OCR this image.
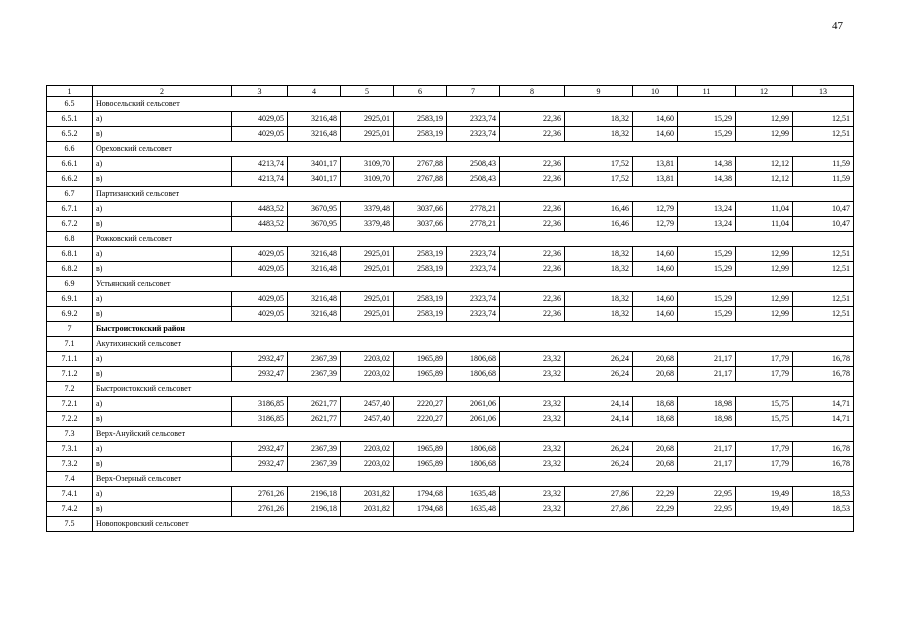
47
1	2	3	4	5	6	7	8	9	10	11	12	13
6.5	Новосельский сельсовет											
6.5.1	а)	4029,05	3216,48	2925,01	2583,19	2323,74	22,36	18,32	14,60	15,29	12,99	12,51
6.5.2	в)	4029,05	3216,48	2925,01	2583,19	2323,74	22,36	18,32	14,60	15,29	12,99	12,51
6.6	Ореховский сельсовет											
6.6.1	а)	4213,74	3401,17	3109,70	2767,88	2508,43	22,36	17,52	13,81	14,38	12,12	11,59
6.6.2	в)	4213,74	3401,17	3109,70	2767,88	2508,43	22,36	17,52	13,81	14,38	12,12	11,59
6.7	Партизанский сельсовет											
6.7.1	а)	4483,52	3670,95	3379,48	3037,66	2778,21	22,36	16,46	12,79	13,24	11,04	10,47
6.7.2	в)	4483,52	3670,95	3379,48	3037,66	2778,21	22,36	16,46	12,79	13,24	11,04	10,47
6.8	Рожковский сельсовет											
6.8.1	а)	4029,05	3216,48	2925,01	2583,19	2323,74	22,36	18,32	14,60	15,29	12,99	12,51
6.8.2	в)	4029,05	3216,48	2925,01	2583,19	2323,74	22,36	18,32	14,60	15,29	12,99	12,51
6.9	Устьянский сельсовет											
6.9.1	а)	4029,05	3216,48	2925,01	2583,19	2323,74	22,36	18,32	14,60	15,29	12,99	12,51
6.9.2	в)	4029,05	3216,48	2925,01	2583,19	2323,74	22,36	18,32	14,60	15,29	12,99	12,51
7	Быстроистокский район											
7.1	Акутихинский сельсовет											
7.1.1	а)	2932,47	2367,39	2203,02	1965,89	1806,68	23,32	26,24	20,68	21,17	17,79	16,78
7.1.2	в)	2932,47	2367,39	2203,02	1965,89	1806,68	23,32	26,24	20,68	21,17	17,79	16,78
7.2	Быстроистокский сельсовет											
7.2.1	а)	3186,85	2621,77	2457,40	2220,27	2061,06	23,32	24,14	18,68	18,98	15,75	14,71
7.2.2	в)	3186,85	2621,77	2457,40	2220,27	2061,06	23,32	24,14	18,68	18,98	15,75	14,71
7.3	Верх-Ануйский сельсовет											
7.3.1	а)	2932,47	2367,39	2203,02	1965,89	1806,68	23,32	26,24	20,68	21,17	17,79	16,78
7.3.2	в)	2932,47	2367,39	2203,02	1965,89	1806,68	23,32	26,24	20,68	21,17	17,79	16,78
7.4	Верх-Озерный сельсовет											
7.4.1	а)	2761,26	2196,18	2031,82	1794,68	1635,48	23,32	27,86	22,29	22,95	19,49	18,53
7.4.2	в)	2761,26	2196,18	2031,82	1794,68	1635,48	23,32	27,86	22,29	22,95	19,49	18,53
7.5	Новопокровский сельсовет											
